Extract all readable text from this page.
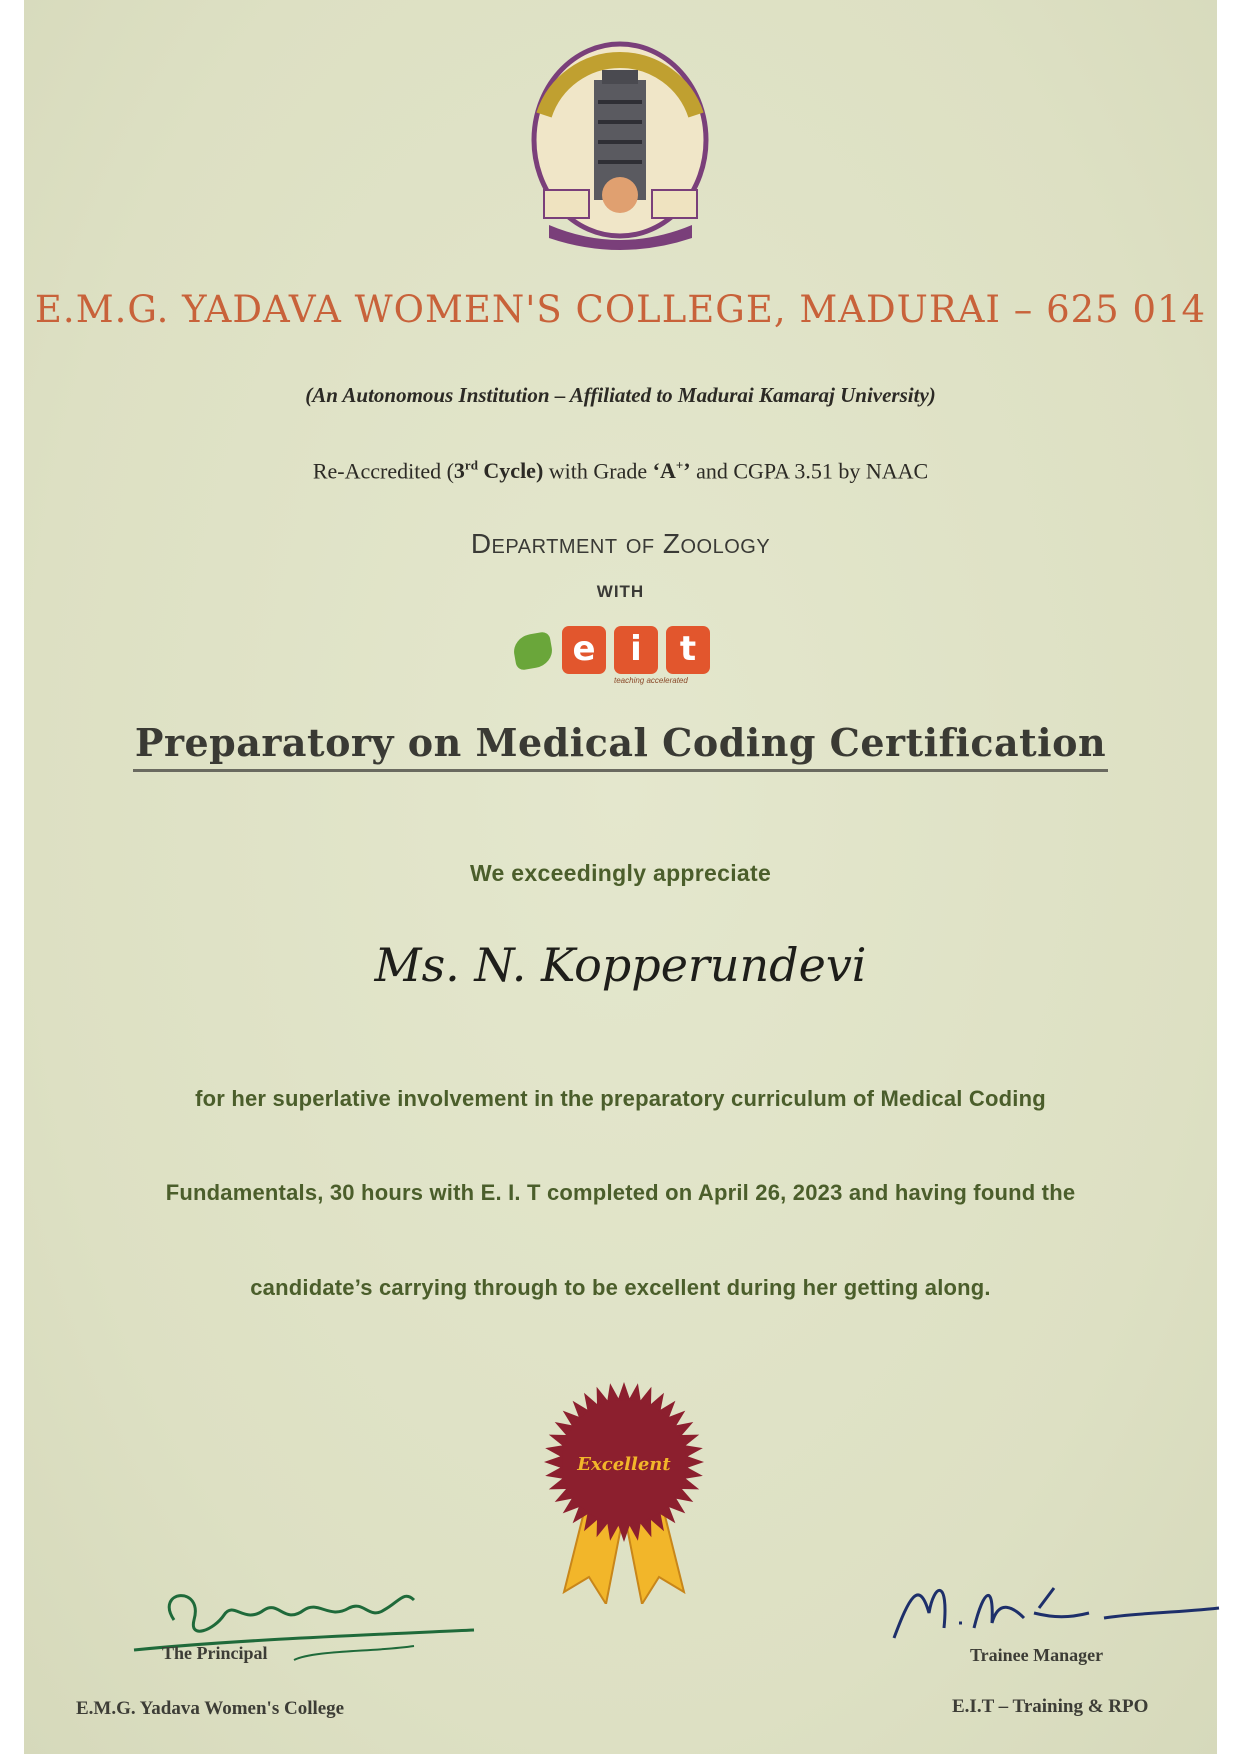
E.M.G. YADAVA WOMEN'S COLLEGE, MADURAI – 625 014
(An Autonomous Institution – Affiliated to Madurai Kamaraj University)
Re-Accredited (3rd Cycle) with Grade ‘A+’ and CGPA 3.51 by NAAC
Department of Zoology
WITH
e	i	t
teaching accelerated
Preparatory on Medical Coding Certification
We exceedingly appreciate
Ms. N. Kopperundevi
for her superlative involvement in the preparatory curriculum of Medical Coding
Fundamentals, 30 hours with E. I. T completed on April 26, 2023 and having found the
candidate’s carrying through to be excellent during her getting along.
Excellent
The Principal
E.M.G. Yadava Women's College
Trainee Manager
E.I.T – Training & RPO
